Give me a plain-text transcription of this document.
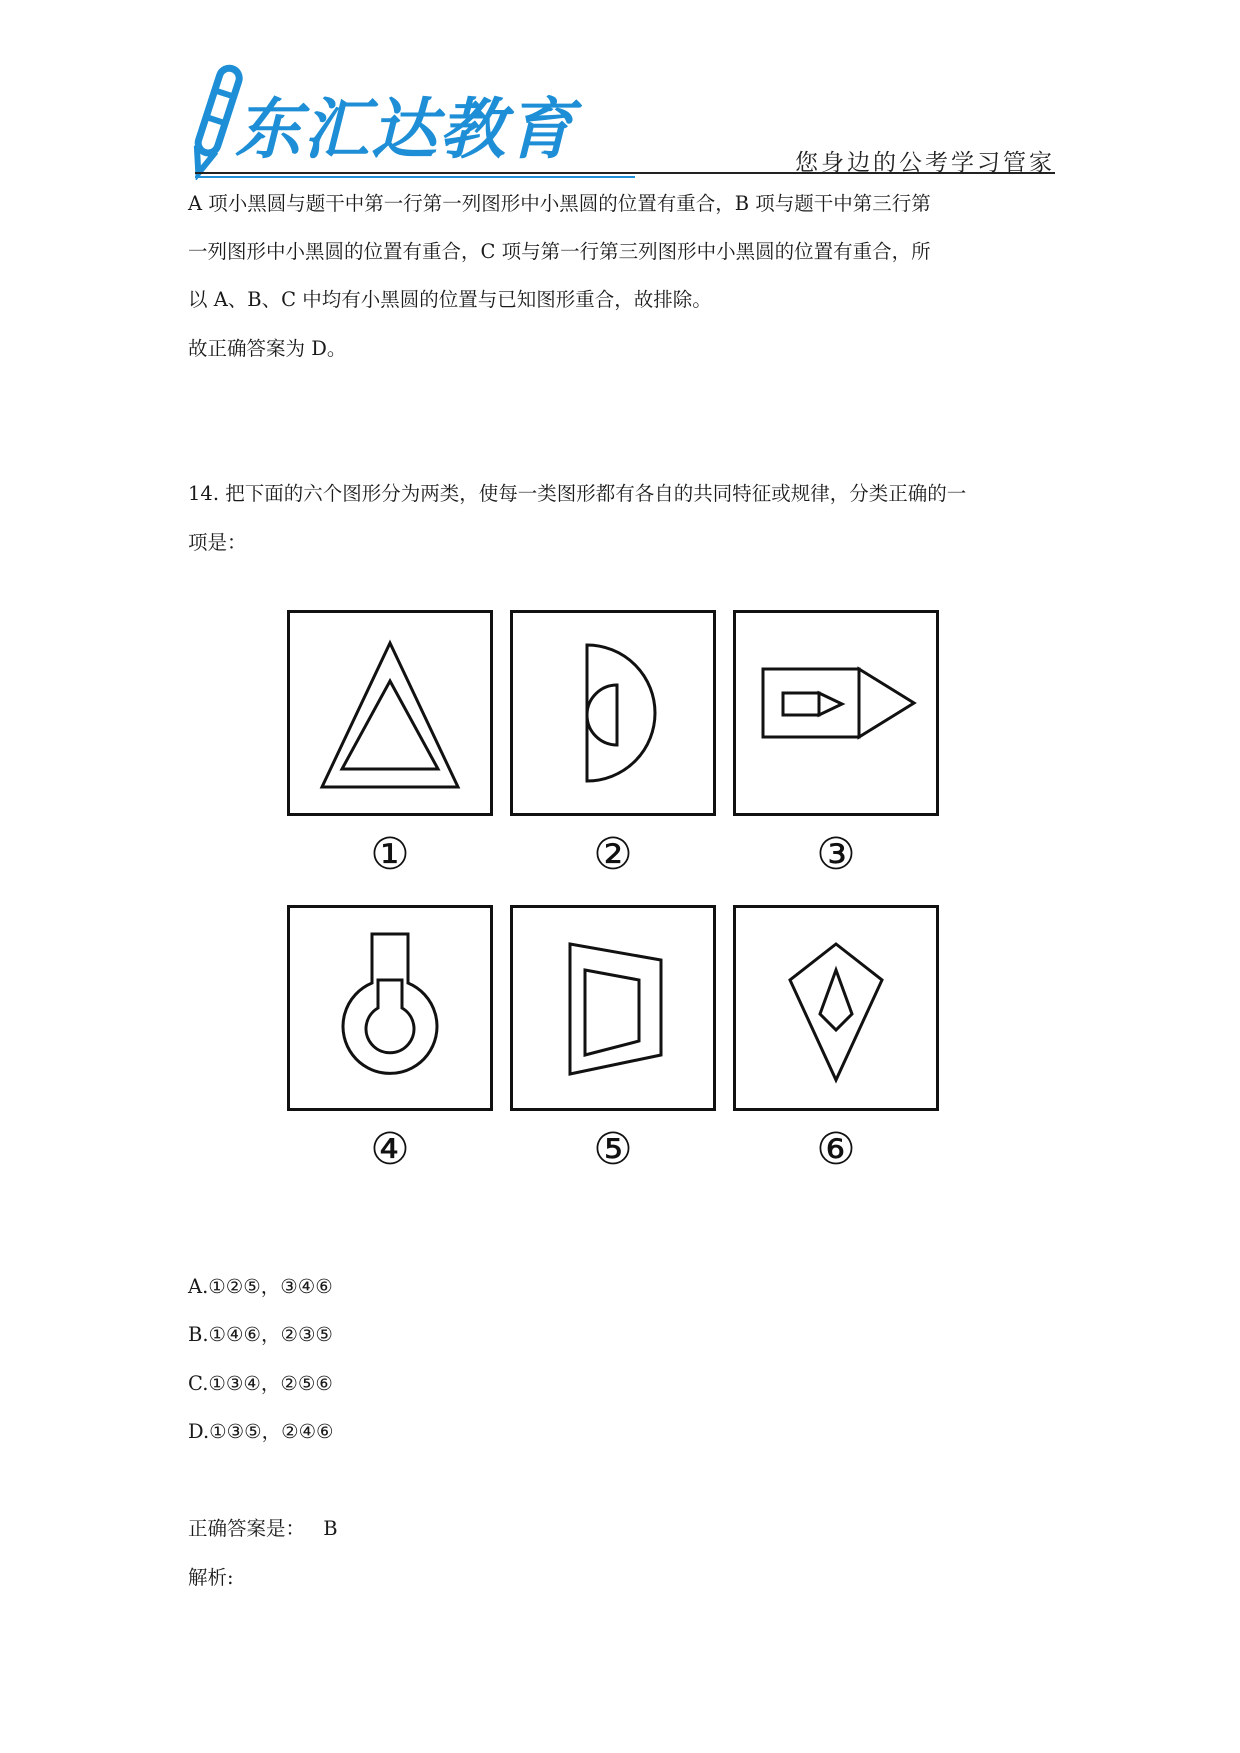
东汇达教育	您身边的公考学习管家
A 项小黑圆与题干中第一行第一列图形中小黑圆的位置有重合，B 项与题干中第三行第
一列图形中小黑圆的位置有重合，C 项与第一行第三列图形中小黑圆的位置有重合，所
以 A、B、C 中均有小黑圆的位置与已知图形重合，故排除。
故正确答案为 D。
14. 把下面的六个图形分为两类，使每一类图形都有各自的共同特征或规律，分类正确的一
项是：
①	②	③
④	⑤	⑥
A.①②⑤，③④⑥
B.①④⑥，②③⑤
C.①③④，②⑤⑥
D.①③⑤，②④⑥
正确答案是： B
解析:
